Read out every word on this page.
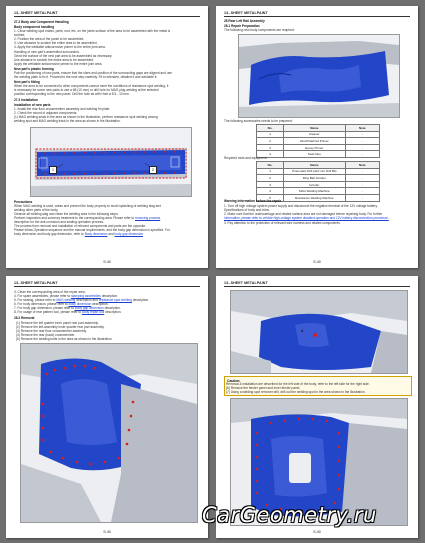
13.-SHEET METALPAINT
27.2 Body and Component Handling
Body component handling
1. Close welding spot marks, paint, rust, etc. on the joints surface of the area to be assembled with the metal is
scribed.
2. Position the area of the panel to be assembled.
3. Use abrasive to scratch the entire area to be assembled.
4. Apply the weldable anticorrosive primer to the entire joint area.
Handling of new part's assembled surrounded.
Grind the surface of the new part area to be assembled as necessary.
Use abrasive to scratch the entire area to be assembled.
Apply the weldable anticorrosive primer to the entire joint area.
New part's plastic forming
Pair the positioning of new parts, ensure that the sizes and position of the surrounding gaps are aligned and use
the welding plate to fix it. Proceed to the next step carefully. Fit to intended, detailed it and weldable it.
New part's fitting
When the area to be connected to other components cannot meet the conditions of resistance spot welding, it
is necessary for some new parts to use a 68 (10 mm) or drill hole for MAG plug welding at the selected
position corresponding to the new panel. Drill the hole as with Hole ø 8.5 - 10 mm.
27.3 Installation
Installation of new parts
1. Install the rear floor crossmember assembly and welding fin plate.
2. Check the mount of adjacent components.
(1) MAG welding seals in the area as shown in the illustration, perform resistance spot welding among
welding spot and MAG welding track in the area as shown in the illustration.
1	2
Precautions
When MAG welding is used, areas and prevent the body property to avoid splashing of welding slag and
welding other parts of the body.
Cleanse all welding slag and clean the welding area in the following steps.
Perform inspection and solvency treatment to the corresponding area. Please refer to removing process
description for the anti-corrosion and sealing operation process.
The process from removal and installation of relevant components and parts are the opposite.
Please follow Operation sequence and the manual requirements, and the body gap dimension is specified. For
body dimension and body gap dimension, refer to Body dimension and body gap dimension
S-40
13.-SHEET METALPAINT
28 Rear Left Rail Assembly
28.1 Repair Preparation
The following new body components are required:
The following accessories needs to be prepared:
No.	Name	Note
1	Cleaner	-
2	Zinc/Polarized Primer	-
3	Epoxy Primer	-
4	Seal Glue	-
Required tools and equipment:
No.	Name	Note
1	Pneumatic Drill (ø10 mm Drill Bit)	-
2	Ring Belt Grinder	-
3	Grinder	-
4	MAG Welding Machine	-
5	Resistance Welding Machine	-
Warning information before the repair.
1. Turn off high voltage system power supply and disconnect the negative terminal of the 12V voltage battery.
Specifications of body and trims.
2. Make sure that the undercarriage and related surface area are not damaged before repairing body. For further
information, please refer to vehicle high-voltage system disabled operation and 12V battery disconnection procedure.
3. Pay attention to the protection of relevant wire harness and related components.
S-40
13.-SHEET METALPAINT
3. Clean the corresponding area of the repair area.
4. For spare assemblies, please refer to stamping assemblies description.
5. For sealing, please refer to MAG welding description and resistance spot welding description.
6. For body dimension, please refer to Body dimension description.
7. For body gap dimension, please refer to Body gap dimension description.
8. For usage of rear pattern tool, please refer to Body repair tool description.
28.2 Removal
(1) Remove the left quarter inner panel rear part assembly.
(2) Remove the left-assembly inner quarter rear part assembly.
(3) Remove the rear floor crossmember assembly.
(4) Remove the rear (back) crossmember.
(5) Remove the welding bolts in the area as shown in the illustration.
S-40
13.-SHEET METALPAINT
A
Caution
Removal & installation are described for the left side of the body, refer to the left side for the right side.
(6) Remove the fender panel and inner fender panel.
(7) Using a welding spot remover drill, drill out the welding spot in the area shown in the illustration.
S-40
CarGeometry.ru
